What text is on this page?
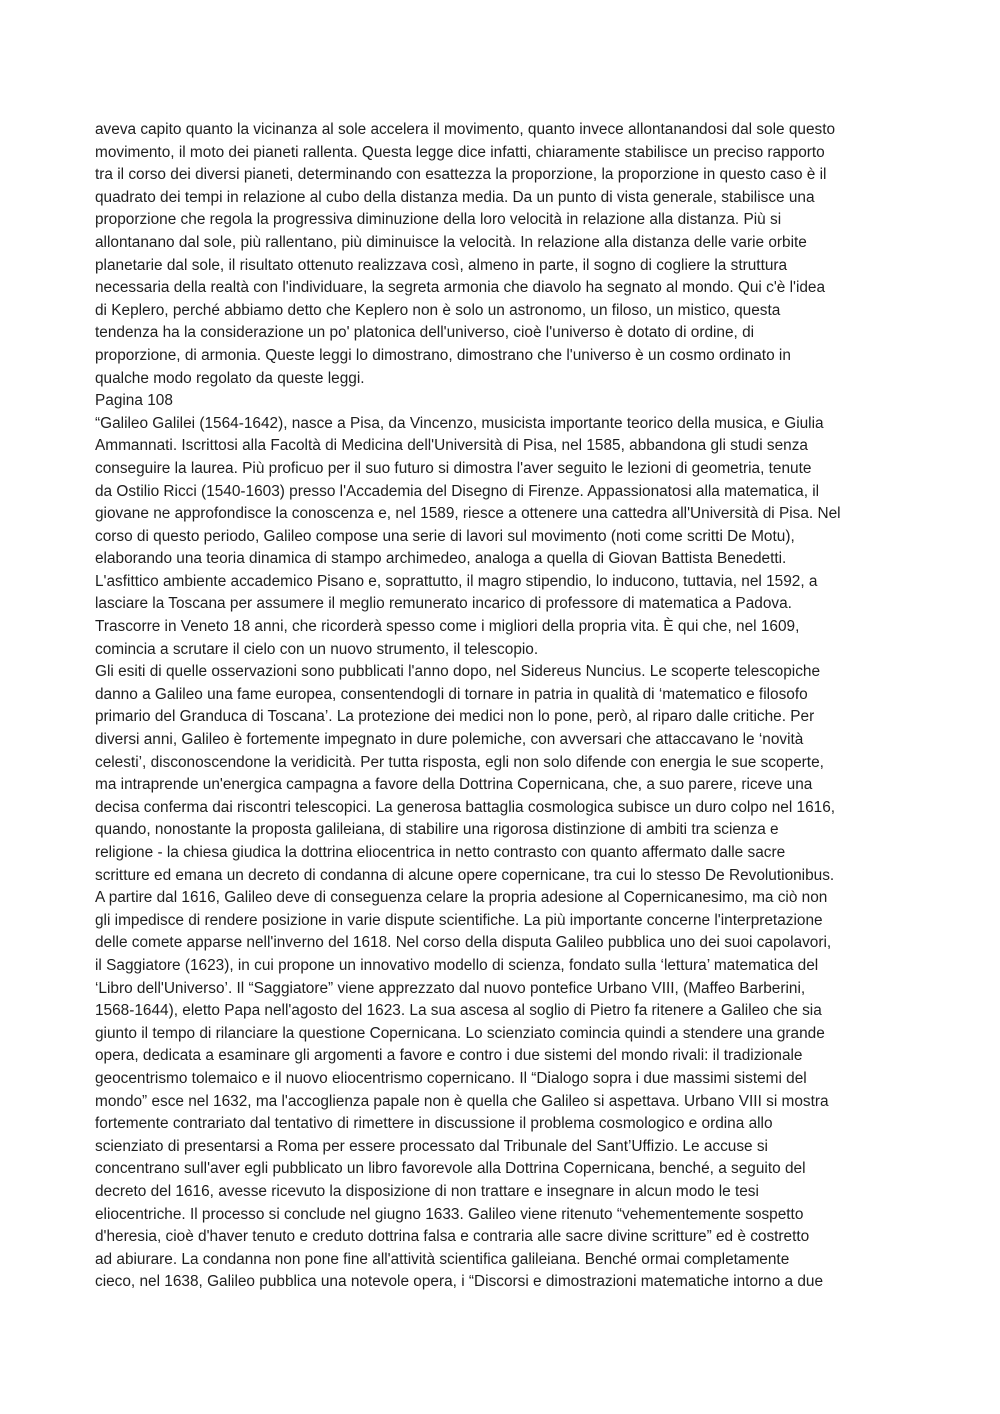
aveva capito quanto la vicinanza al sole accelera il movimento, quanto invece allontanandosi dal sole questo
movimento, il moto dei pianeti rallenta. Questa legge dice infatti, chiaramente stabilisce un preciso rapporto
tra il corso dei diversi pianeti, determinando con esattezza la proporzione, la proporzione in questo caso è il
quadrato dei tempi in relazione al cubo della distanza media. Da un punto di vista generale, stabilisce una
proporzione che regola la progressiva diminuzione della loro velocità in relazione alla distanza. Più si
allontanano dal sole, più rallentano, più diminuisce la velocità. In relazione alla distanza delle varie orbite
planetarie dal sole, il risultato ottenuto realizzava così, almeno in parte, il sogno di cogliere la struttura
necessaria della realtà con l'individuare, la segreta armonia che diavolo ha segnato al mondo. Qui c'è l'idea
di Keplero, perché abbiamo detto che Keplero non è solo un astronomo, un filoso, un mistico, questa
tendenza ha la considerazione un po' platonica dell'universo, cioè l'universo è dotato di ordine, di
proporzione, di armonia. Queste leggi lo dimostrano, dimostrano che l'universo è un cosmo ordinato in
qualche modo regolato da queste leggi.
Pagina 108
“Galileo Galilei (1564-1642), nasce a Pisa, da Vincenzo, musicista importante teorico della musica, e Giulia
Ammannati. Iscrittosi alla Facoltà di Medicina dell'Università di Pisa, nel 1585, abbandona gli studi senza
conseguire la laurea. Più proficuo per il suo futuro si dimostra l'aver seguito le lezioni di geometria, tenute
da Ostilio Ricci (1540-1603) presso l'Accademia del Disegno di Firenze. Appassionatosi alla matematica, il
giovane ne approfondisce la conoscenza e, nel 1589, riesce a ottenere una cattedra all'Università di Pisa. Nel
corso di questo periodo, Galileo compose una serie di lavori sul movimento (noti come scritti De Motu),
elaborando una teoria dinamica di stampo archimedeo, analoga a quella di Giovan Battista Benedetti.
L'asfittico ambiente accademico Pisano e, soprattutto, il magro stipendio, lo inducono, tuttavia, nel 1592, a
lasciare la Toscana per assumere il meglio remunerato incarico di professore di matematica a Padova.
Trascorre in Veneto 18 anni, che ricorderà spesso come i migliori della propria vita. È qui che, nel 1609,
comincia a scrutare il cielo con un nuovo strumento, il telescopio.
Gli esiti di quelle osservazioni sono pubblicati l'anno dopo, nel Sidereus Nuncius. Le scoperte telescopiche
danno a Galileo una fame europea, consentendogli di tornare in patria in qualità di ‘matematico e filosofo
primario del Granduca di Toscana’. La protezione dei medici non lo pone, però, al riparo dalle critiche. Per
diversi anni, Galileo è fortemente impegnato in dure polemiche, con avversari che attaccavano le ‘novità
celesti’, disconoscendone la veridicità. Per tutta risposta, egli non solo difende con energia le sue scoperte,
ma intraprende un'energica campagna a favore della Dottrina Copernicana, che, a suo parere, riceve una
decisa conferma dai riscontri telescopici. La generosa battaglia cosmologica subisce un duro colpo nel 1616,
quando, nonostante la proposta galileiana, di stabilire una rigorosa distinzione di ambiti tra scienza e
religione - la chiesa giudica la dottrina eliocentrica in netto contrasto con quanto affermato dalle sacre
scritture ed emana un decreto di condanna di alcune opere copernicane, tra cui lo stesso De Revolutionibus.
A partire dal 1616, Galileo deve di conseguenza celare la propria adesione al Copernicanesimo, ma ciò non
gli impedisce di rendere posizione in varie dispute scientifiche. La più importante concerne l'interpretazione
delle comete apparse nell'inverno del 1618. Nel corso della disputa Galileo pubblica uno dei suoi capolavori,
il Saggiatore (1623), in cui propone un innovativo modello di scienza, fondato sulla ‘lettura’ matematica del
‘Libro dell'Universo’. Il “Saggiatore” viene apprezzato dal nuovo pontefice Urbano VIII, (Maffeo Barberini,
1568-1644), eletto Papa nell'agosto del 1623. La sua ascesa al soglio di Pietro fa ritenere a Galileo che sia
giunto il tempo di rilanciare la questione Copernicana. Lo scienziato comincia quindi a stendere una grande
opera, dedicata a esaminare gli argomenti a favore e contro i due sistemi del mondo rivali: il tradizionale
geocentrismo tolemaico e il nuovo eliocentrismo copernicano. Il “Dialogo sopra i due massimi sistemi del
mondo” esce nel 1632, ma l'accoglienza papale non è quella che Galileo si aspettava. Urbano VIII si mostra
fortemente contrariato dal tentativo di rimettere in discussione il problema cosmologico e ordina allo
scienziato di presentarsi a Roma per essere processato dal Tribunale del Sant’Uffizio. Le accuse si
concentrano sull'aver egli pubblicato un libro favorevole alla Dottrina Copernicana, benché, a seguito del
decreto del 1616, avesse ricevuto la disposizione di non trattare e insegnare in alcun modo le tesi
eliocentriche. Il processo si conclude nel giugno 1633. Galileo viene ritenuto “vehementemente sospetto
d'heresia, cioè d'haver tenuto e creduto dottrina falsa e contraria alle sacre divine scritture” ed è costretto
ad abiurare. La condanna non pone fine all'attività scientifica galileiana. Benché ormai completamente
cieco, nel 1638, Galileo pubblica una notevole opera, i “Discorsi e dimostrazioni matematiche intorno a due
